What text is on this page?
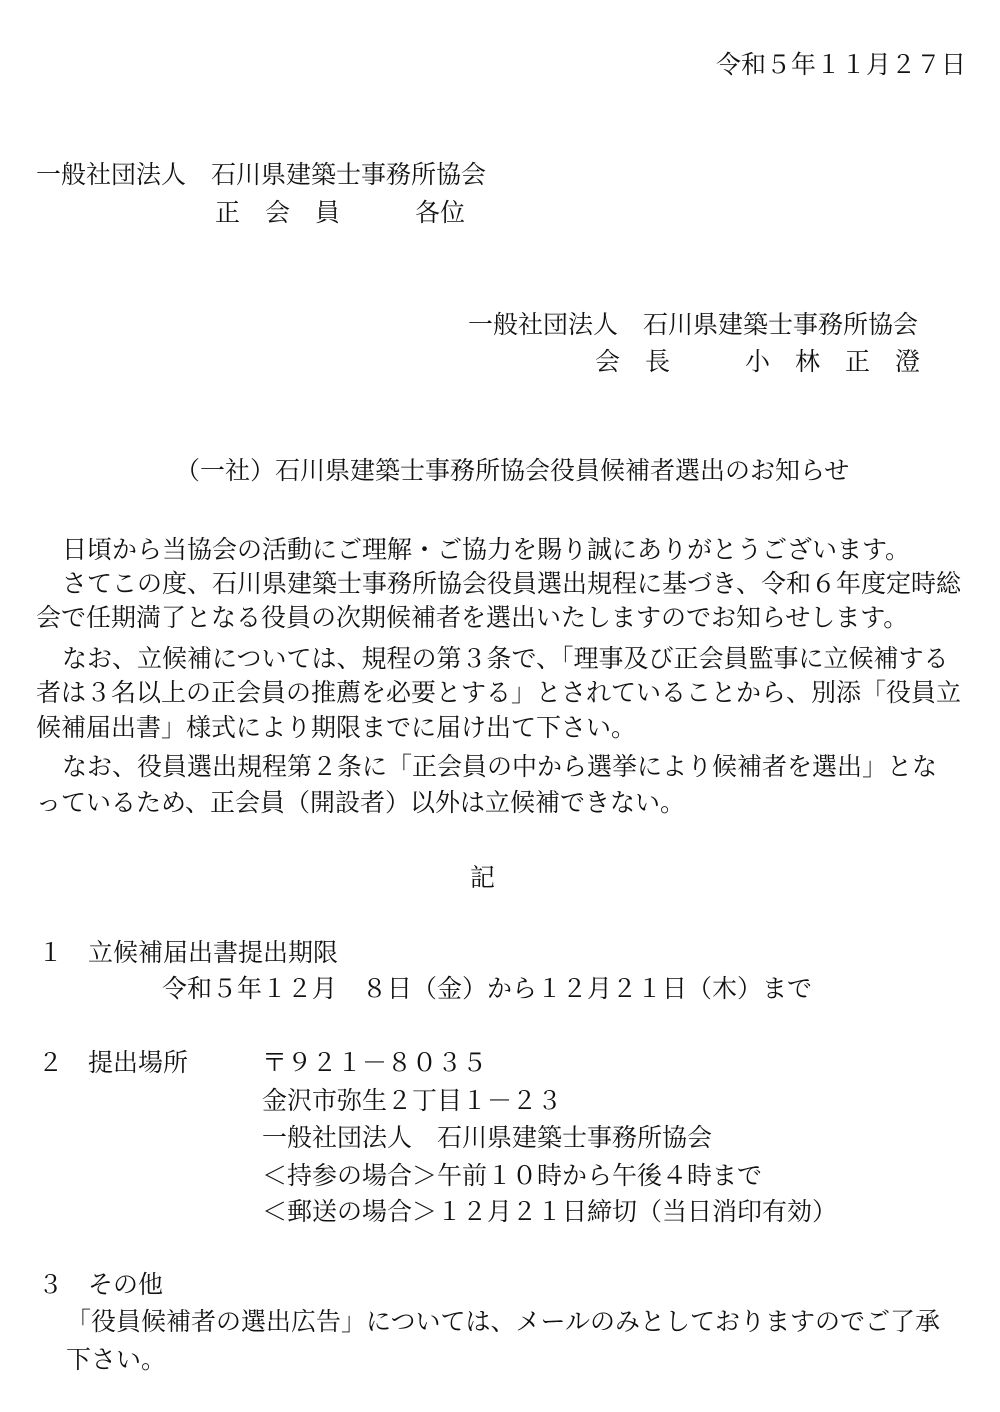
令和５年１１月２７日
一般社団法人　石川県建築士事務所協会
正　会　員	各位
一般社団法人　石川県建築士事務所協会
会　長	小　林　正　澄
（一社）石川県建築士事務所協会役員候補者選出のお知らせ
日頃から当協会の活動にご理解・ご協力を賜り誠にありがとうございます。
さてこの度、石川県建築士事務所協会役員選出規程に基づき、令和６年度定時総
会で任期満了となる役員の次期候補者を選出いたしますのでお知らせします。
なお、立候補については、規程の第３条で、「理事及び正会員監事に立候補する
者は３名以上の正会員の推薦を必要とする」とされていることから、別添「役員立
候補届出書」様式により期限までに届け出て下さい。
なお、役員選出規程第２条に「正会員の中から選挙により候補者を選出」とな
っているため、正会員（開設者）以外は立候補できない。
記
１ 立候補届出書提出期限
令和５年１２月　８日（金）から１２月２１日（木）まで
２ 提出場所	〒９２１－８０３５
金沢市弥生２丁目１－２３
一般社団法人　石川県建築士事務所協会
＜持参の場合＞午前１０時から午後４時まで
＜郵送の場合＞１２月２１日締切（当日消印有効）
３ その他
「役員候補者の選出広告」については、メールのみとしておりますのでご了承
下さい。
